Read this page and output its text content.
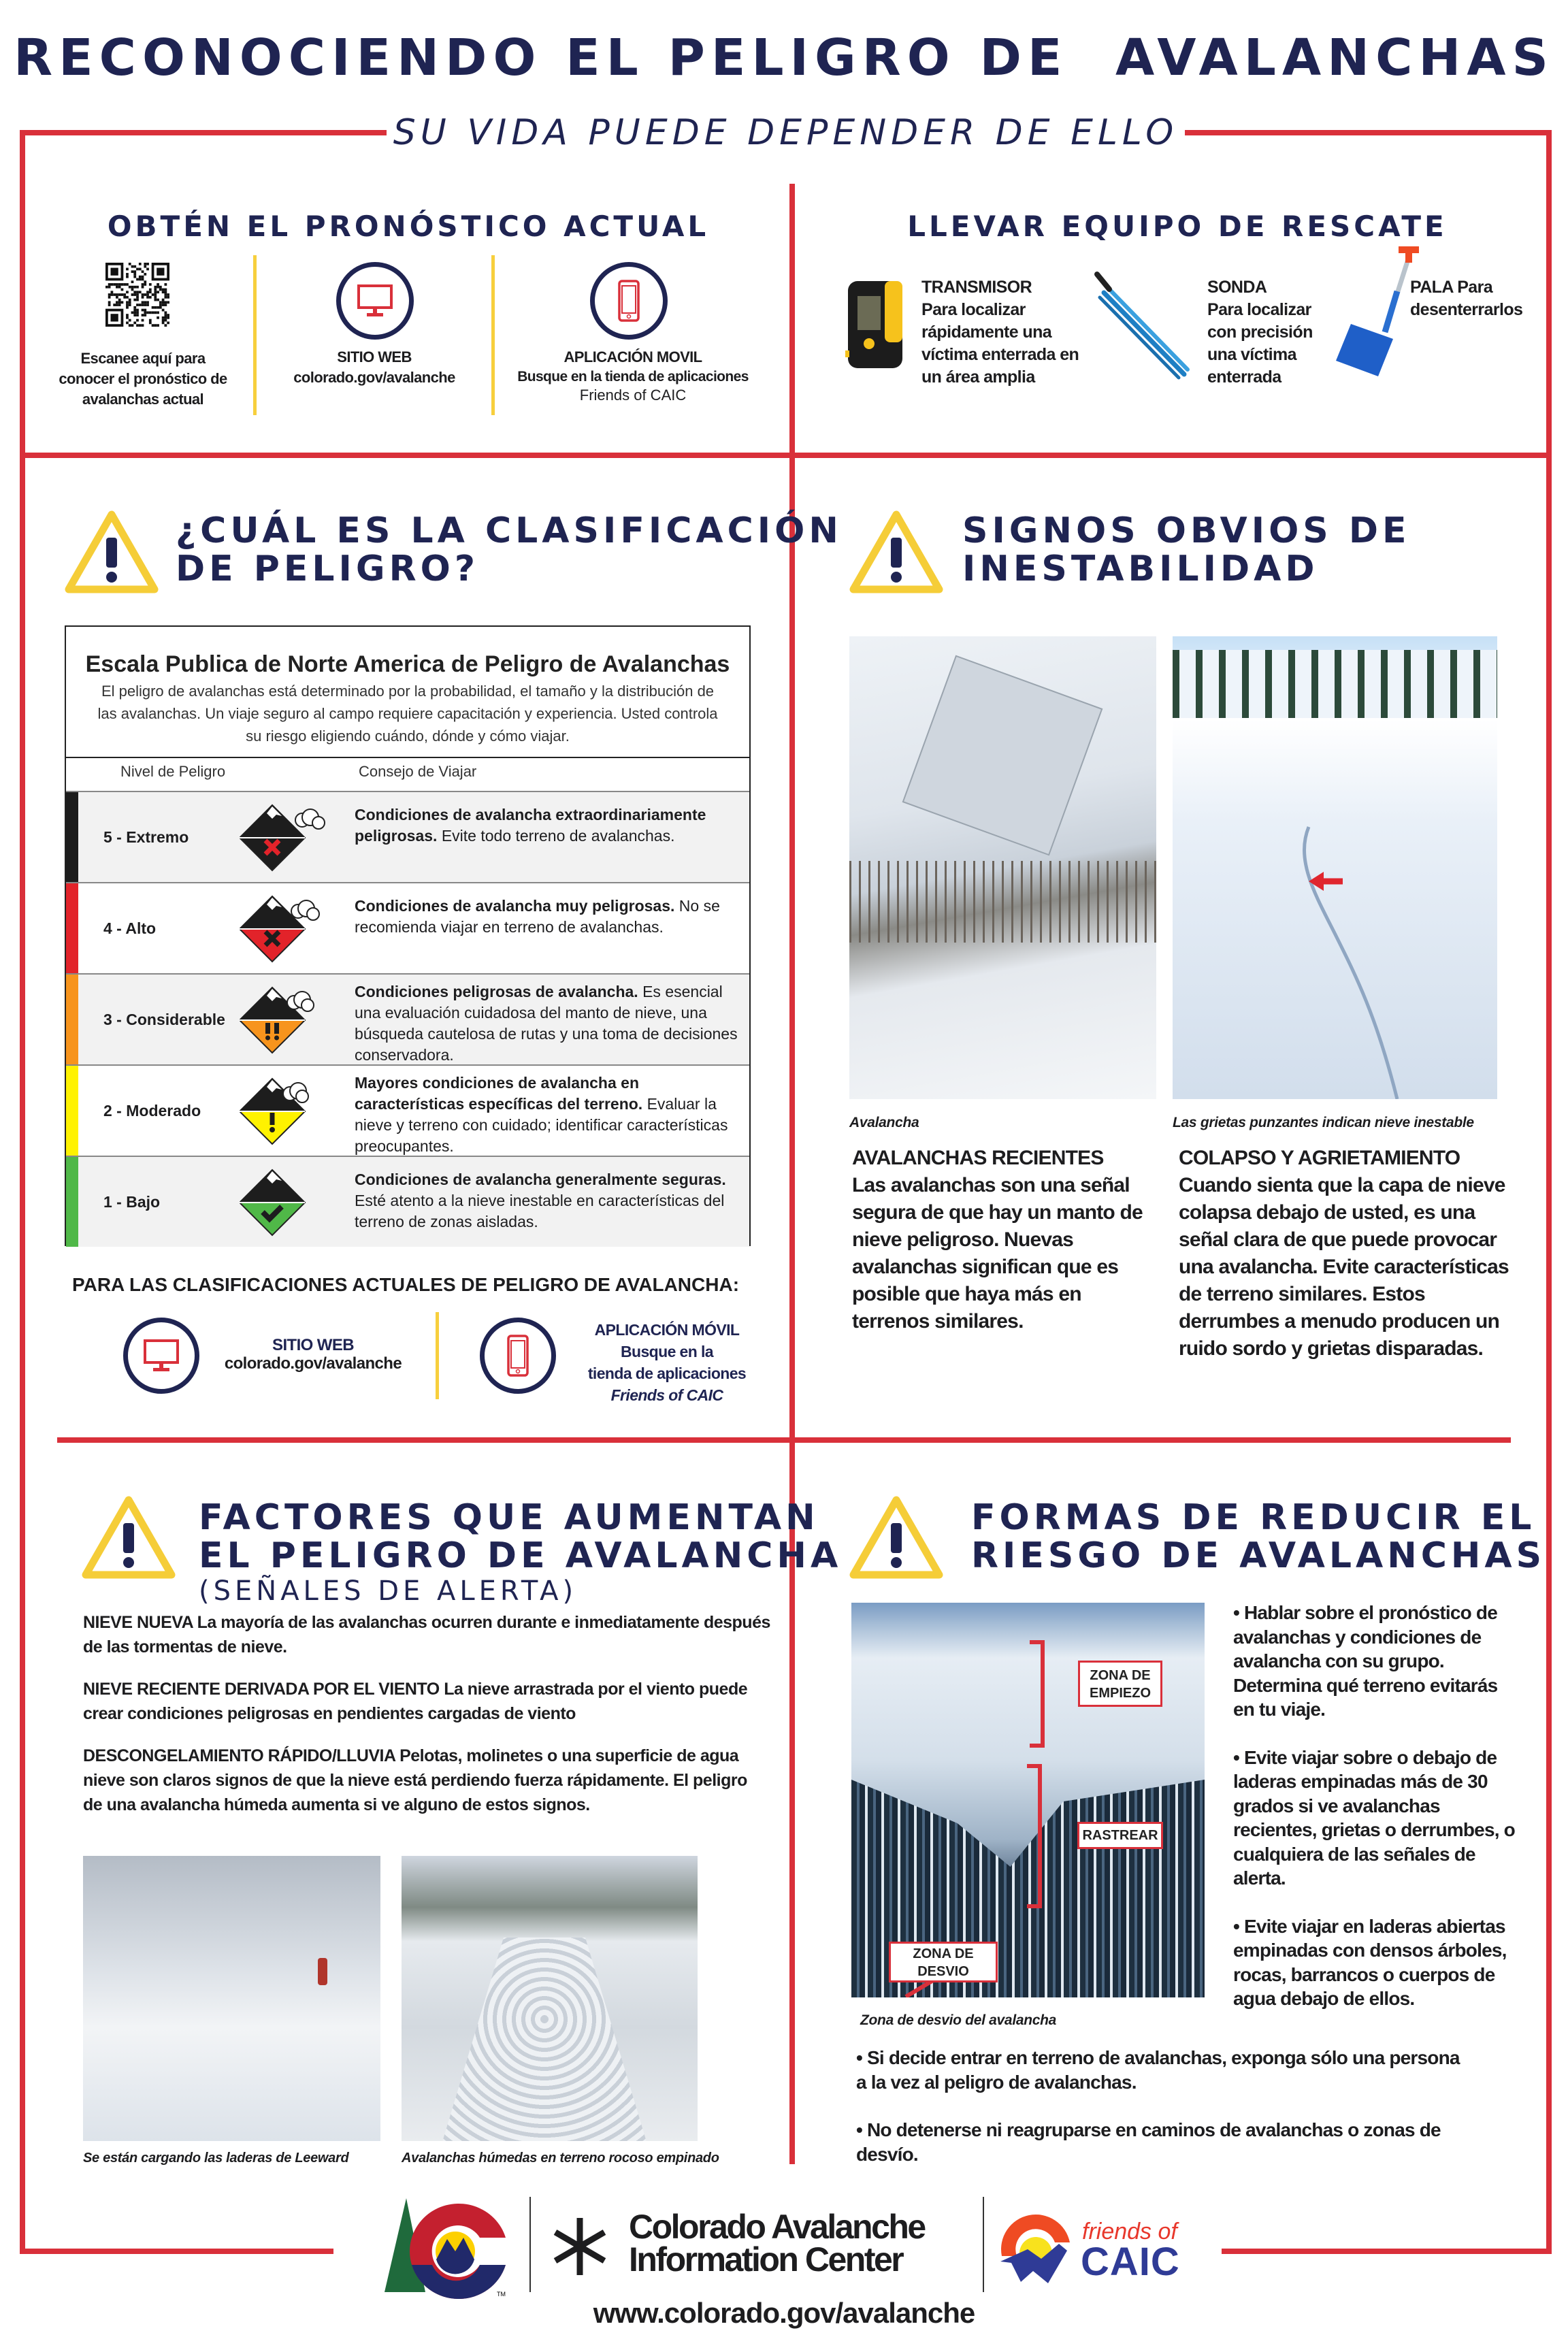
RECONOCIENDO EL PELIGRO DE  AVALANCHAS
SU VIDA PUEDE DEPENDER DE ELLO
OBTÉN EL PRONÓSTICO ACTUAL
Escanee aquí para conocer el pronóstico de avalanchas actual
SITIO WEB
colorado.gov/avalanche
APLICACIÓN MOVIL
Busque en la tienda de aplicaciones
Friends of CAIC
LLEVAR EQUIPO DE RESCATE
TRANSMISOR
Para localizar rápidamente una víctima enterrada en un área amplia
SONDA
Para localizar con precisión una víctima enterrada
PALA Para desenterrarlos
¿CUÁL ES LA CLASIFICACIÓN
DE PELIGRO?
Escala Publica de Norte America de Peligro de Avalanchas
El peligro de avalanchas está determinado por la probabilidad, el tamaño y la distribución de las avalanchas. Un viaje seguro al campo requiere capacitación y experiencia. Usted controla su riesgo eligiendo cuándo, dónde y cómo viajar.
Nivel de Peligro	Consejo de Viajar
5 - Extremo
Condiciones de avalancha extraordinariamente peligrosas. Evite todo terreno de avalanchas.
4 - Alto
Condiciones de avalancha muy peligrosas. No se recomienda viajar en terreno de avalanchas.
3 - Considerable
Condiciones peligrosas de avalancha. Es esencial una evaluación cuidadosa del manto de nieve, una búsqueda cautelosa de rutas y una toma de decisiones conservadora.
2 - Moderado
Mayores condiciones de avalancha en características específicas del terreno. Evaluar la nieve y terreno con cuidado; identificar características preocupantes.
1 - Bajo
Condiciones de avalancha generalmente seguras. Esté atento a la nieve inestable en características del terreno de zonas aisladas.
PARA LAS CLASIFICACIONES ACTUALES DE PELIGRO DE AVALANCHA:
SITIO WEB
colorado.gov/avalanche
APLICACIÓN MÓVIL
Busque en la
tienda de aplicaciones
Friends of CAIC
SIGNOS OBVIOS DE
INESTABILIDAD
Avalancha	Las grietas punzantes indican nieve inestable
AVALANCHAS RECIENTES
Las avalanchas son una señal segura de que hay un manto de nieve peligroso. Nuevas avalanchas significan que es posible que haya más en terrenos similares.
COLAPSO Y AGRIETAMIENTO
Cuando sienta que la capa de nieve colapsa debajo de usted, es una señal clara de que puede provocar una avalancha. Evite características de terreno similares. Estos derrumbes a menudo producen un ruido sordo y grietas disparadas.
FACTORES QUE AUMENTAN
EL PELIGRO DE AVALANCHA
(SEÑALES DE ALERTA)

NIEVE NUEVA La mayoría de las avalanchas ocurren durante e inmediatamente después de las tormentas de nieve.

NIEVE RECIENTE DERIVADA POR EL VIENTO La nieve arrastrada por el viento puede crear condiciones peligrosas en pendientes cargadas de viento

DESCONGELAMIENTO RÁPIDO/LLUVIA Pelotas, molinetes o una superficie de agua nieve son claros signos de que la nieve está perdiendo fuerza rápidamente. El peligro de una avalancha húmeda aumenta si ve alguno de estos signos.

Se están cargando las laderas de Leeward	Avalanchas húmedas en terreno rocoso empinado
FORMAS DE REDUCIR EL
RIESGO DE AVALANCHAS
ZONA DE EMPIEZO
RASTREAR
ZONA DE DESVIO
Zona de desvio del avalancha

• Hablar sobre el pronóstico de avalanchas y condiciones de avalancha con su grupo. Determina qué terreno evitarás en tu viaje.

• Evite viajar sobre o debajo de laderas empinadas más de 30 grados si ve avalanchas recientes, grietas o derrumbes, o cualquiera de las señales de alerta.

• Evite viajar en laderas abiertas empinadas con densos árboles, rocas, barrancos o cuerpos de agua debajo de ellos.

• Si decide entrar en terreno de avalanchas, exponga sólo una persona a la vez al peligro de avalanchas.

• No detenerse ni reagruparse en caminos de avalanchas o zonas de desvío.

TM
Colorado Avalanche
Information Center
friends of
CAIC
www.colorado.gov/avalanche
